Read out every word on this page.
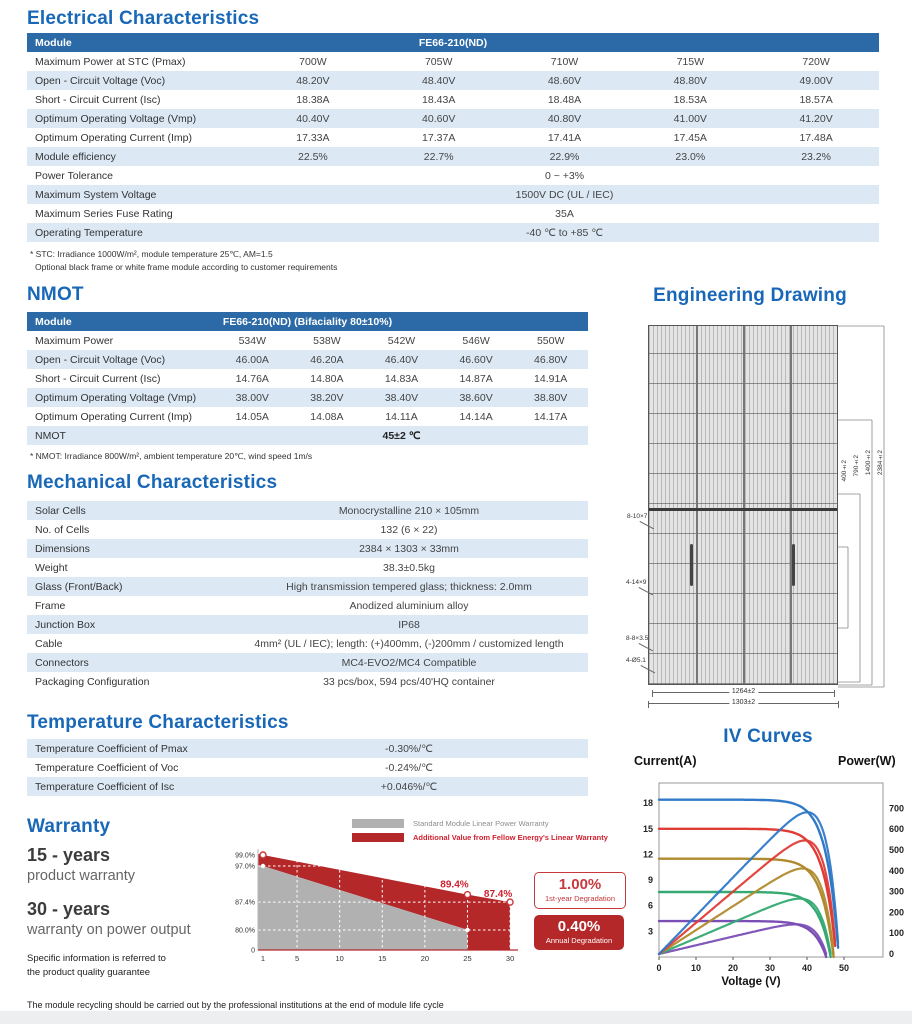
Electrical Characteristics
Module	FE66-210(ND)
Maximum Power at STC (Pmax)	700W	705W	710W	715W	720W
Open - Circuit Voltage (Voc)	48.20V	48.40V	48.60V	48.80V	49.00V
Short - Circuit Current (Isc)	18.38A	18.43A	18.48A	18.53A	18.57A
Optimum Operating Voltage (Vmp)	40.40V	40.60V	40.80V	41.00V	41.20V
Optimum Operating Current (Imp)	17.33A	17.37A	17.41A	17.45A	17.48A
Module efficiency	22.5%	22.7%	22.9%	23.0%	23.2%
Power Tolerance	0 ~ +3%
Maximum System Voltage	1500V DC (UL / IEC)
Maximum Series Fuse Rating	35A
Operating Temperature	-40 ℃ to +85 ℃
* STC: Irradiance 1000W/m², module temperature 25℃, AM=1.5
Optional black frame or white frame module according to customer requirements
NMOT
Module	FE66-210(ND) (Bifaciality 80±10%)
Maximum Power	534W	538W	542W	546W	550W
Open - Circuit Voltage (Voc)	46.00A	46.20A	46.40V	46.60V	46.80V
Short - Circuit Current (Isc)	14.76A	14.80A	14.83A	14.87A	14.91A
Optimum Operating Voltage (Vmp)	38.00V	38.20V	38.40V	38.60V	38.80V
Optimum Operating Current (Imp)	14.05A	14.08A	14.11A	14.14A	14.17A
NMOT	45±2 ℃
* NMOT: Irradiance 800W/m², ambient temperature 20℃, wind speed 1m/s
Mechanical Characteristics
Solar Cells	Monocrystalline 210 × 105mm
No. of Cells	132 (6 × 22)
Dimensions	2384 × 1303 × 33mm
Weight	38.3±0.5kg
Glass (Front/Back)	High transmission tempered glass; thickness: 2.0mm
Frame	Anodized aluminium alloy
Junction Box	IP68
Cable	4mm² (UL / IEC); length: (+)400mm, (-)200mm / customized length
Connectors	MC4-EVO2/MC4 Compatible
Packaging Configuration	33 pcs/box, 594 pcs/40'HQ container
Temperature Characteristics
Temperature Coefficient of Pmax	-0.30%/℃
Temperature Coefficient of Voc	-0.24%/℃
Temperature Coefficient of Isc	+0.046%/℃
Warranty
15 - years
product warranty
30 - years
warranty on power output
Specific information is referred to
the product quality guarantee
Standard Module Linear Power Warranty
Additional Value from Fellow Energy's Linear Warranty
99.0%
97.0%
87.4%
80.0%
0
1	5	10	15	20	25	30
89.4%
87.4%
1.00%
1st-year Degradation
0.40%
Annual Degradation
Engineering Drawing
400±2 790±2 1400±2 2384±2
8-10×7
4-14×9
8-8×3.5
4-Ø5.1
1264±2
1303±2
IV Curves
Current(A)	Power(W)
3
6
9
12
15
18
0
100
200
300
400
500
600
700
0	10	20	30	40	50
Voltage (V)
The module recycling should be carried out by the professional institutions at the end of module life cycle
